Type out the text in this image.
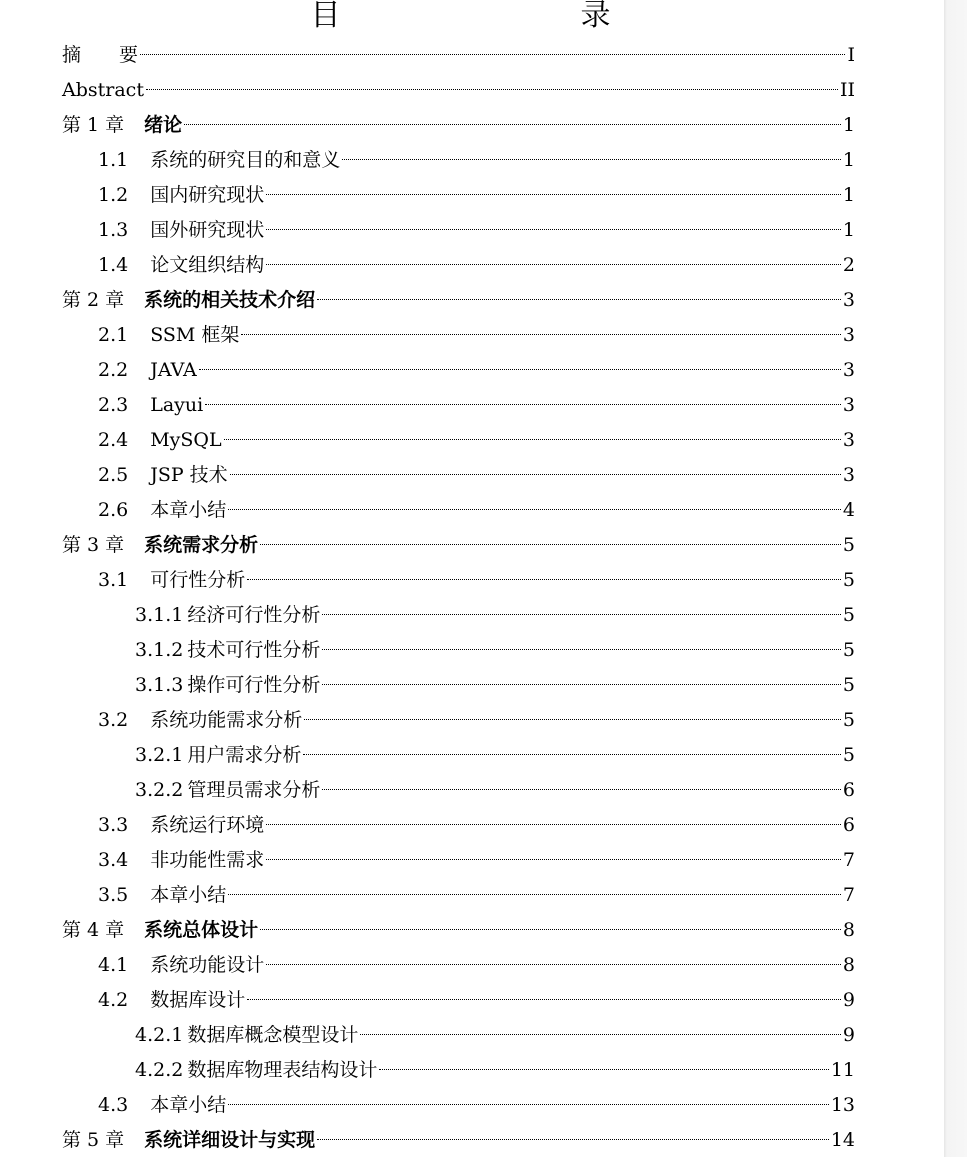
目　　录
摘　　要	I
Abstract	II
第 1 章 绪论	1
1.1 系统的研究目的和意义	1
1.2 国内研究现状	1
1.3 国外研究现状	1
1.4 论文组织结构	2
第 2 章 系统的相关技术介绍	3
2.1 SSM 框架	3
2.2 JAVA	3
2.3 Layui	3
2.4 MySQL	3
2.5 JSP 技术	3
2.6 本章小结	4
第 3 章 系统需求分析	5
3.1 可行性分析	5
3.1.1 经济可行性分析	5
3.1.2 技术可行性分析	5
3.1.3 操作可行性分析	5
3.2 系统功能需求分析	5
3.2.1 用户需求分析	5
3.2.2 管理员需求分析	6
3.3 系统运行环境	6
3.4 非功能性需求	7
3.5 本章小结	7
第 4 章 系统总体设计	8
4.1 系统功能设计	8
4.2 数据库设计	9
4.2.1 数据库概念模型设计	9
4.2.2 数据库物理表结构设计	11
4.3 本章小结	13
第 5 章 系统详细设计与实现	14
